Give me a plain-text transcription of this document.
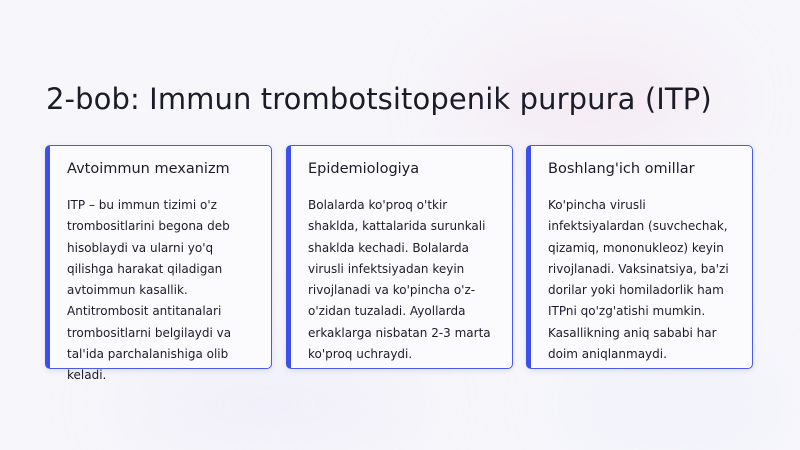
2-bob: Immun trombotsitopenik purpura (ITP)
Avtoimmun mexanizm
ITP – bu immun tizimi o'z
trombositlarini begona deb
hisoblaydi va ularni yo'q
qilishga harakat qiladigan
avtoimmun kasallik.
Antitrombosit antitanalari
trombositlarni belgilaydi va
tal'ida parchalanishiga olib
keladi.
Epidemiologiya
Bolalarda ko'proq o'tkir
shaklda, kattalarida surunkali
shaklda kechadi. Bolalarda
virusli infektsiyadan keyin
rivojlanadi va ko'pincha o'z-
o'zidan tuzaladi. Ayollarda
erkaklarga nisbatan 2-3 marta
ko'proq uchraydi.
Boshlang'ich omillar
Ko'pincha virusli
infektsiyalardan (suvchechak,
qizamiq, mononukleoz) keyin
rivojlanadi. Vaksinatsiya, ba'zi
dorilar yoki homiladorlik ham
ITPni qo'zg'atishi mumkin.
Kasallikning aniq sababi har
doim aniqlanmaydi.
